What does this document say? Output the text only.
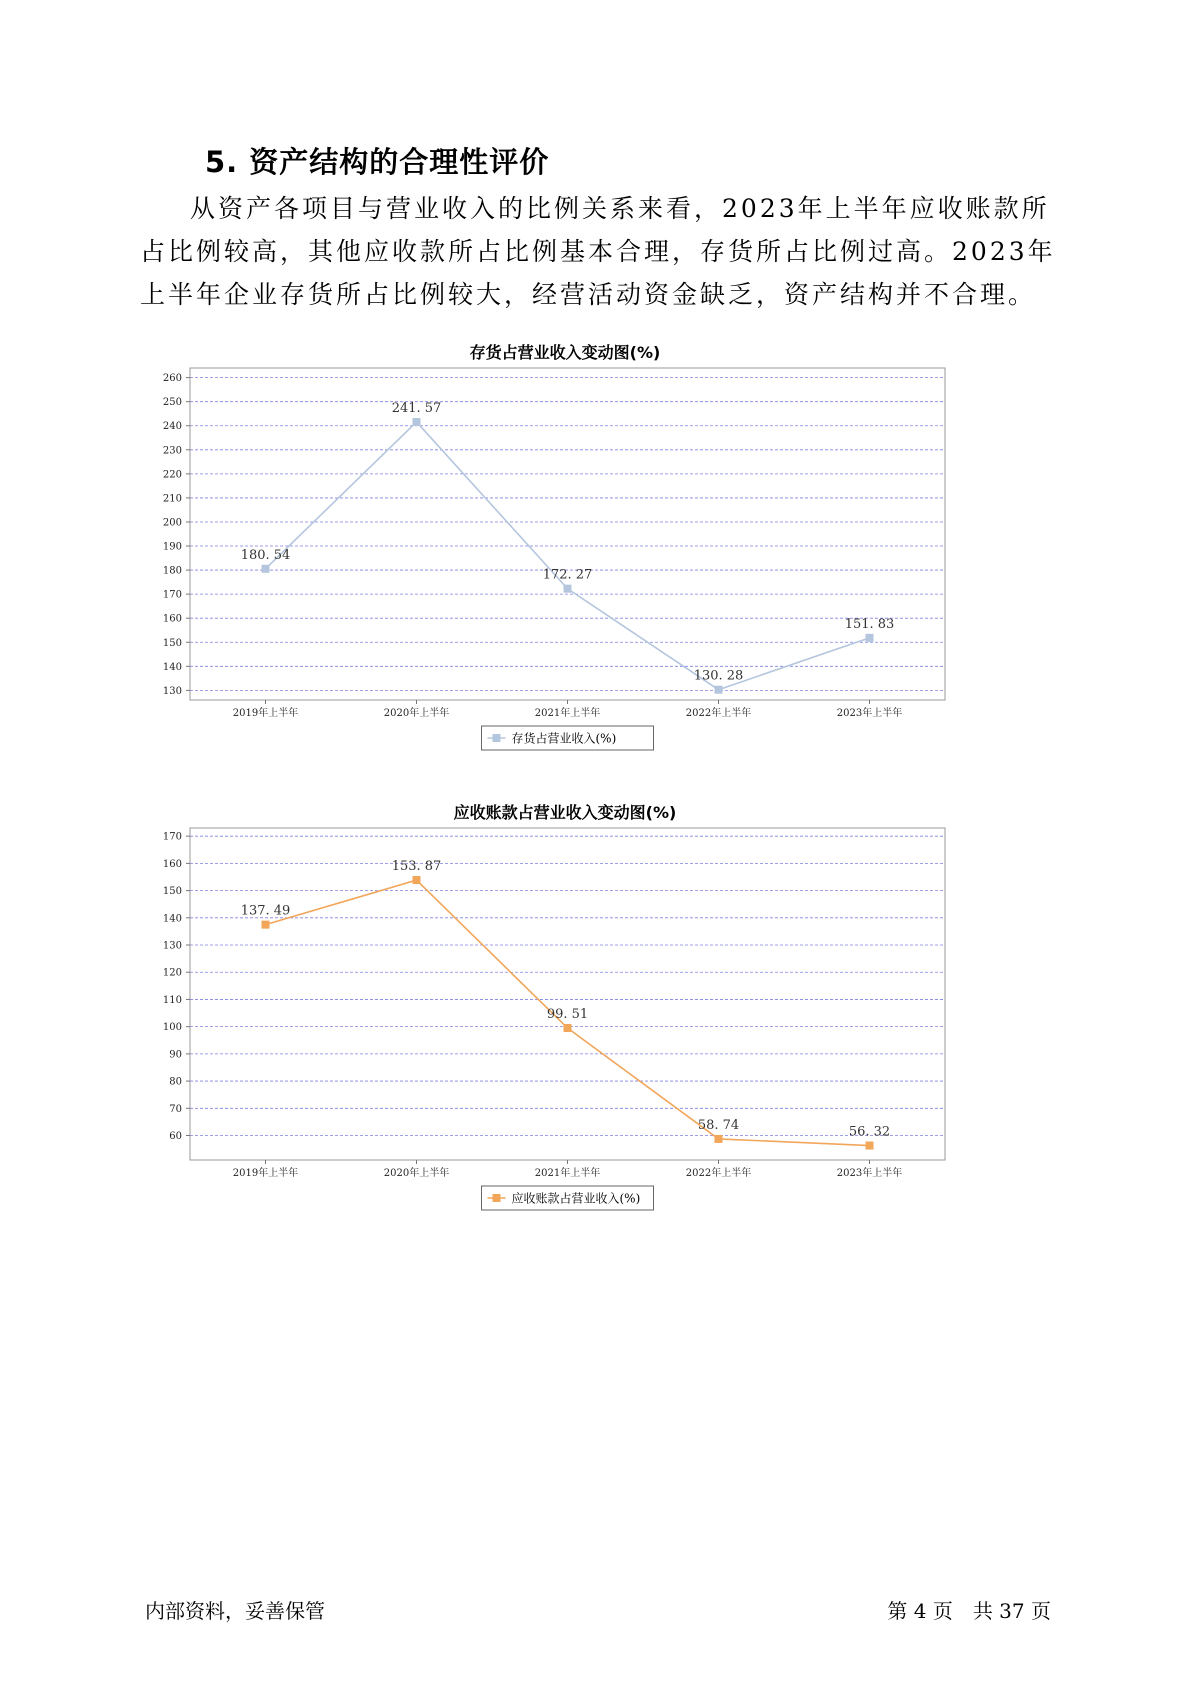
5. 资产结构的合理性评价

从资产各项目与营业收入的比例关系来看，2023年上半年应收账款所

占比例较高，其他应收款所占比例基本合理，存货所占比例过高。2023年

上半年企业存货所占比例较大，经营活动资金缺乏，资产结构并不合理。

存货占营业收入变动图(%)
260
250
240
230
220
210
200
190
180
170
160
150
140
130
2019年上半年	2020年上半年	2021年上半年	2022年上半年	2023年上半年
180. 54
241. 57
172. 27
130. 28
151. 83
存货占营业收入(%)
应收账款占营业收入变动图(%)
170
160
150
140
130
120
110
100
90
80
70
60
2019年上半年	2020年上半年	2021年上半年	2022年上半年	2023年上半年
137. 49
153. 87
99. 51
58. 74	56. 32
应收账款占营业收入(%)
内部资料，妥善保管	第 4 页　共 37 页
